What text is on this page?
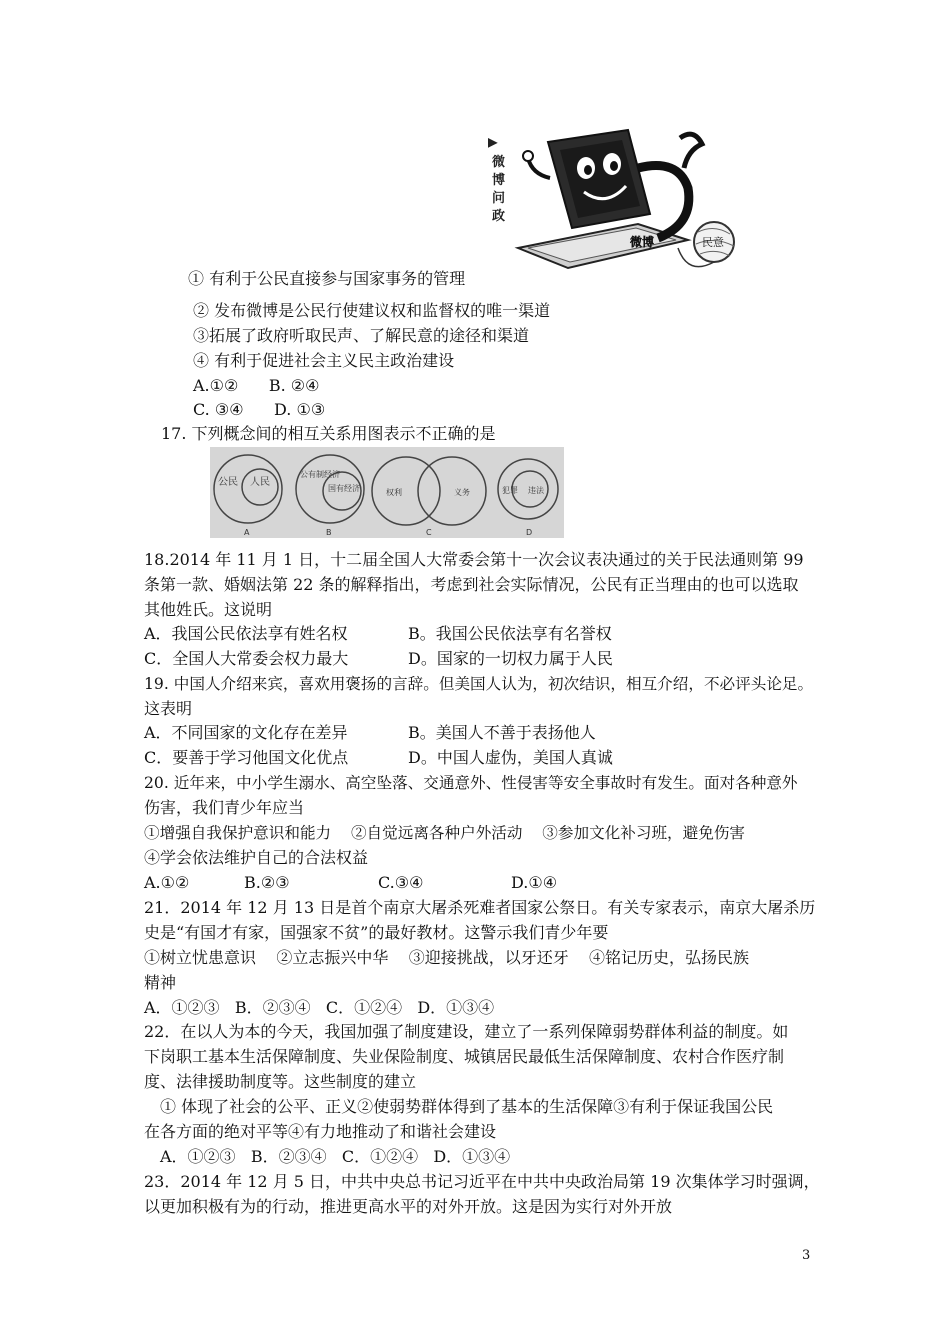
▶
微
博
问
政
微博	民意
① 有利于公民直接参与国家事务的管理
② 发布微博是公民行使建议权和监督权的唯一渠道
③拓展了政府听取民声、了解民意的途径和渠道
④ 有利于促进社会主义民主政治建设
A.①②      B. ②④
C. ③④      D. ①③
17. 下列概念间的相互关系用图表示不正确的是
公民 人民
A
公有制经济
国有经济
B
权利	义务
C
犯罪 违法
D
18.2014 年 11 月 1 日，十二届全国人大常委会第十一次会议表决通过的关于民法通则第 99
条第一款、婚姻法第 22 条的解释指出，考虑到社会实际情况，公民有正当理由的也可以选取
其他姓氏。这说明
A．我国公民依法享有姓名权	B。我国公民依法享有名誉权
C．全国人大常委会权力最大	D。国家的一切权力属于人民
19. 中国人介绍来宾，喜欢用褒扬的言辞。但美国人认为，初次结识，相互介绍，不必评头论足。
这表明
A．不同国家的文化存在差异	B。美国人不善于表扬他人
C．要善于学习他国文化优点	D。中国人虚伪，美国人真诚
20. 近年来，中小学生溺水、高空坠落、交通意外、性侵害等安全事故时有发生。面对各种意外
伤害，我们青少年应当
①增强自我保护意识和能力    ②自觉远离各种户外活动    ③参加文化补习班，避免伤害
④学会依法维护自己的合法权益
A.①②	B.②③	C.③④	D.①④
21．2014 年 12 月 13 日是首个南京大屠杀死难者国家公祭日。有关专家表示，南京大屠杀历
史是“有国才有家，国强家不贫”的最好教材。这警示我们青少年要
①树立忧患意识    ②立志振兴中华    ③迎接挑战，以牙还牙    ④铭记历史，弘扬民族
精神
A．①②③   B．②③④   C．①②④   D．①③④
22．在以人为本的今天，我国加强了制度建设，建立了一系列保障弱势群体利益的制度。如
下岗职工基本生活保障制度、失业保险制度、城镇居民最低生活保障制度、农村合作医疗制
度、法律援助制度等。这些制度的建立
① 体现了社会的公平、正义②使弱势群体得到了基本的生活保障③有利于保证我国公民
在各方面的绝对平等④有力地推动了和谐社会建设
A．①②③   B．②③④   C．①②④   D．①③④
23．2014 年 12 月 5 日，中共中央总书记习近平在中共中央政治局第 19 次集体学习时强调，
以更加积极有为的行动，推进更高水平的对外开放。这是因为实行对外开放
3
